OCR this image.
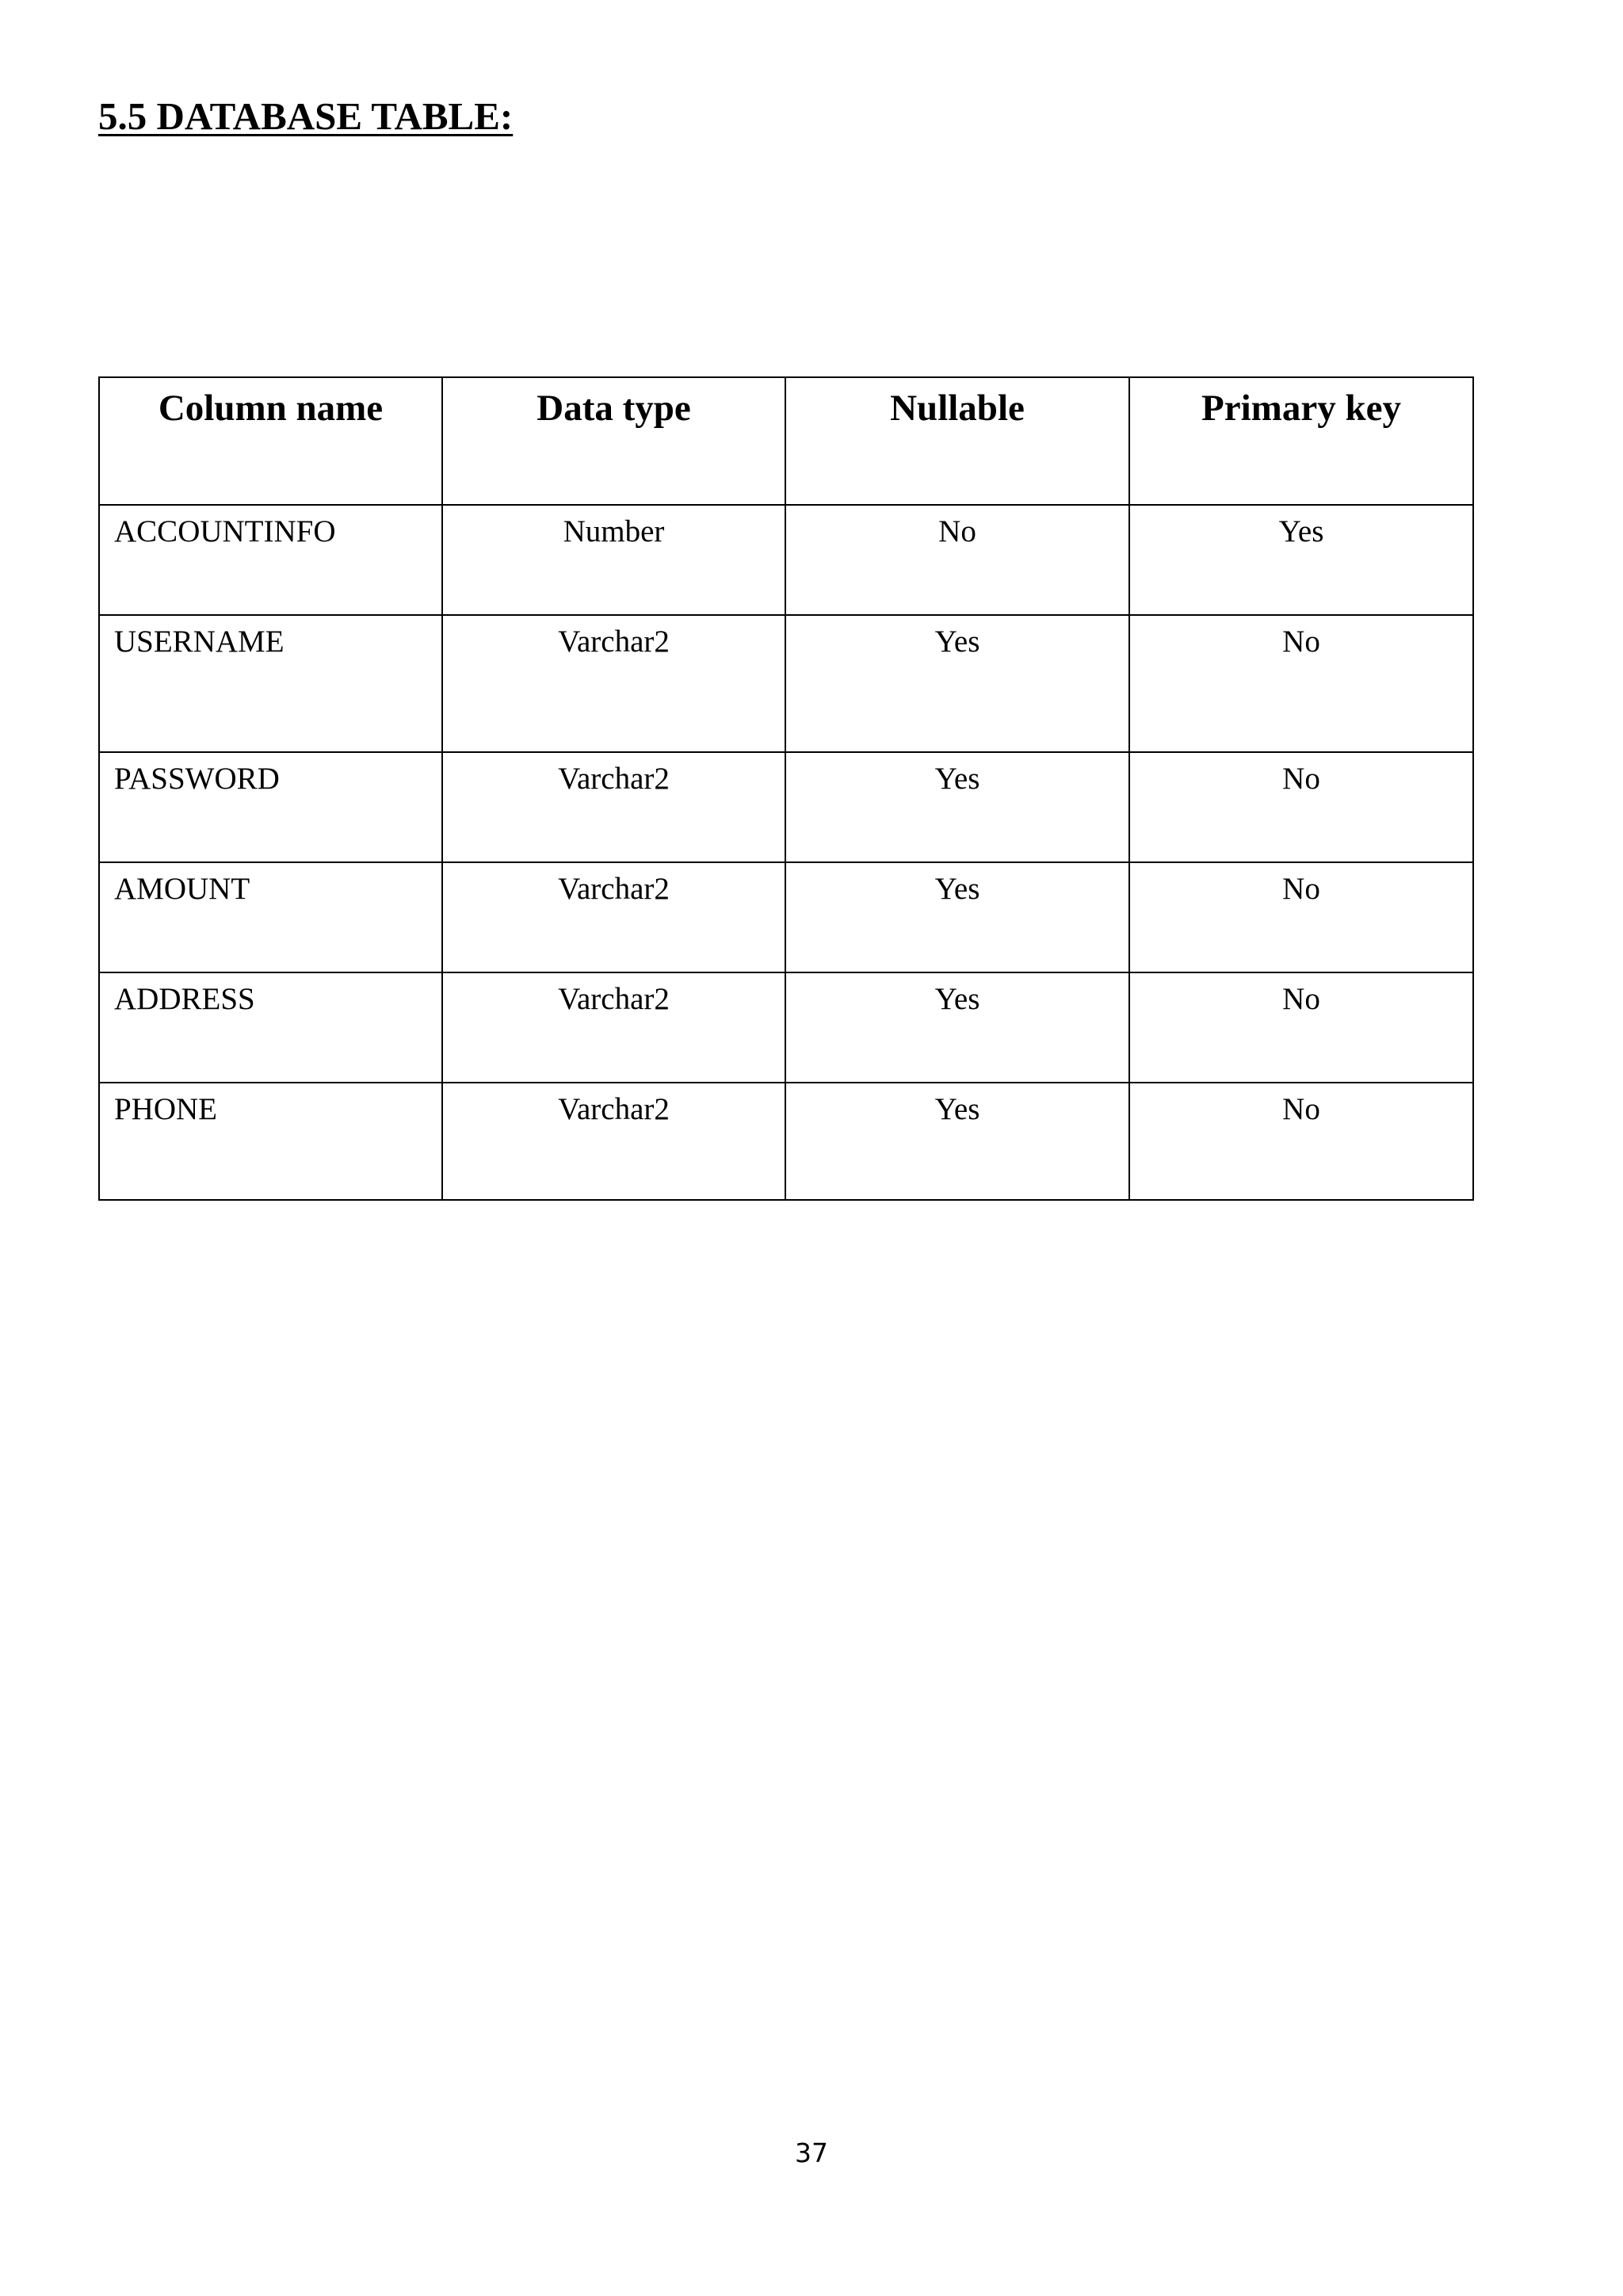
5.5 DATABASE TABLE:
Column name	Data type	Nullable	Primary key
ACCOUNTINFO	Number	No	Yes
USERNAME	Varchar2	Yes	No
PASSWORD	Varchar2	Yes	No
AMOUNT	Varchar2	Yes	No
ADDRESS	Varchar2	Yes	No
PHONE	Varchar2	Yes	No
37
